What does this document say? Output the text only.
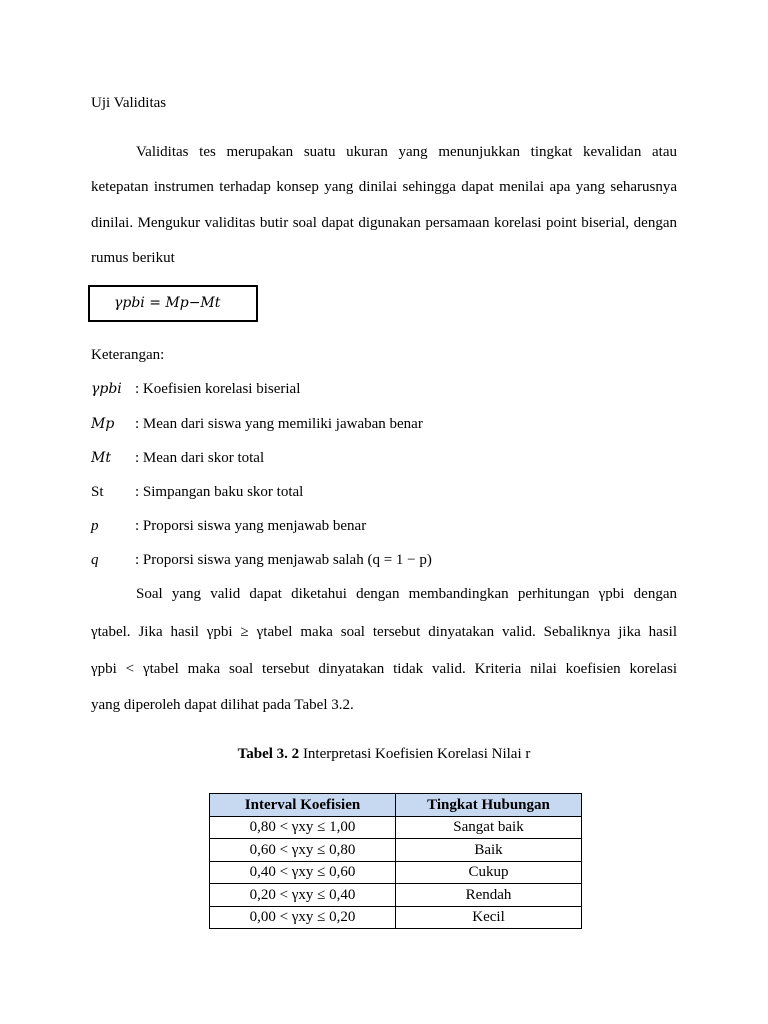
Uji Validitas
Validitas tes merupakan suatu ukuran yang menunjukkan tingkat kevalidan atau
ketepatan instrumen terhadap konsep yang dinilai sehingga dapat menilai apa yang seharusnya
dinilai. Mengukur validitas butir soal dapat digunakan persamaan korelasi point biserial, dengan
rumus berikut
γpbi = Mp−Mt
Keterangan:
γpbi : Koefisien korelasi biserial
Mp : Mean dari siswa yang memiliki jawaban benar
Mt : Mean dari skor total
St : Simpangan baku skor total
p : Proporsi siswa yang menjawab benar
q : Proporsi siswa yang menjawab salah (q = 1 − p)
Soal yang valid dapat diketahui dengan membandingkan perhitungan γpbi dengan
γtabel. Jika hasil γpbi ≥ γtabel maka soal tersebut dinyatakan valid. Sebaliknya jika hasil
γpbi < γtabel maka soal tersebut dinyatakan tidak valid. Kriteria nilai koefisien korelasi
yang diperoleh dapat dilihat pada Tabel 3.2.
Tabel 3. 2 Interpretasi Koefisien Korelasi Nilai r
Interval Koefisien	Tingkat Hubungan
0,80 < γxy ≤ 1,00	Sangat baik
0,60 < γxy ≤ 0,80	Baik
0,40 < γxy ≤ 0,60	Cukup
0,20 < γxy ≤ 0,40	Rendah
0,00 < γxy ≤ 0,20	Kecil
